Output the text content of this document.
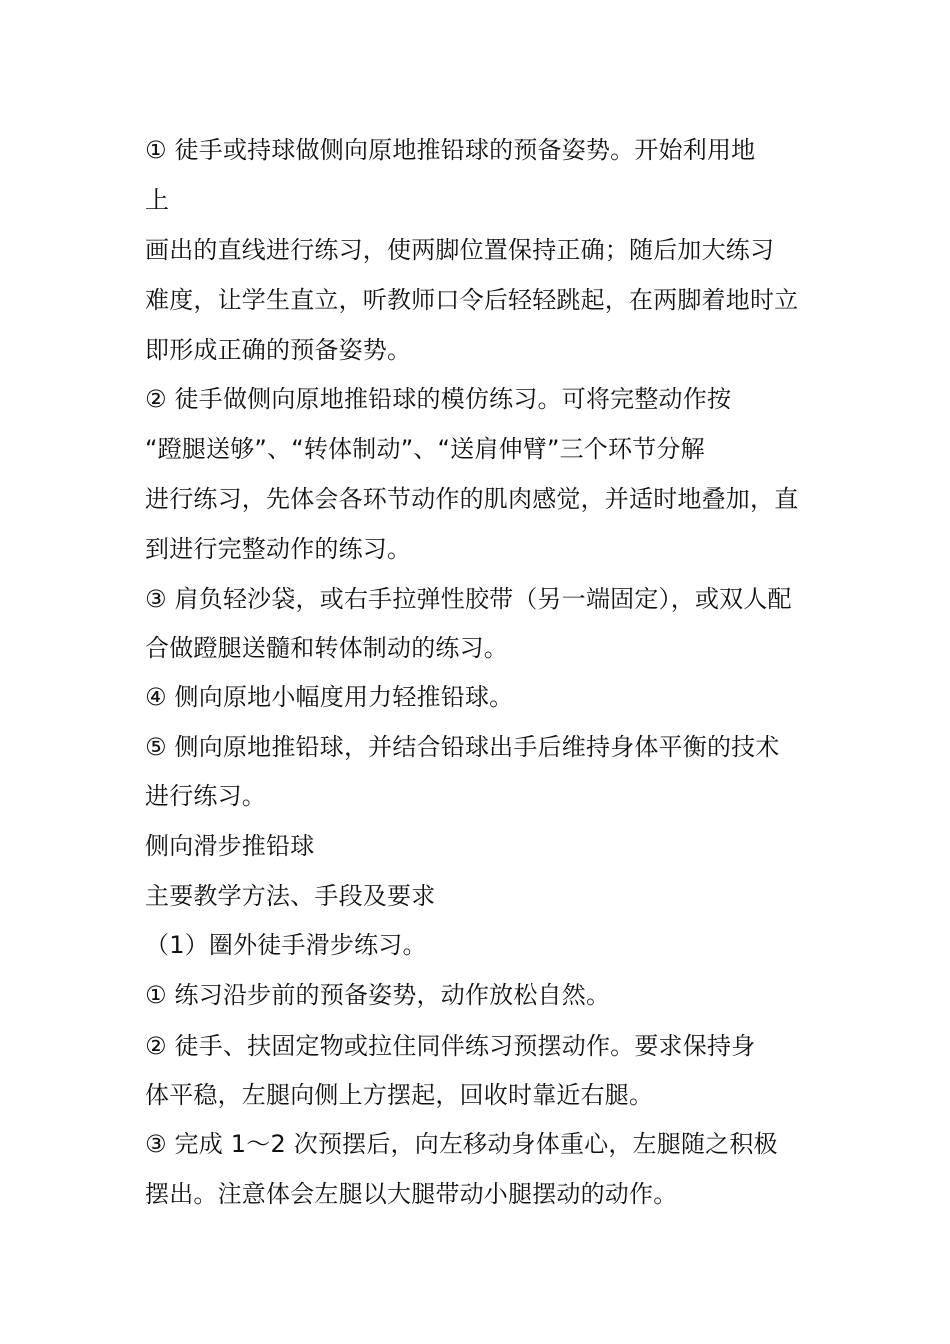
① 徒手或持球做侧向原地推铅球的预备姿势。开始利用地
上
画出的直线进行练习，使两脚位置保持正确；随后加大练习
难度，让学生直立，听教师口令后轻轻跳起，在两脚着地时立
即形成正确的预备姿势。
② 徒手做侧向原地推铅球的模仿练习。可将完整动作按
“蹬腿送够”、“转体制动”、“送肩伸臂”三个环节分解
进行练习，先体会各环节动作的肌肉感觉，并适时地叠加，直
到进行完整动作的练习。
③ 肩负轻沙袋，或右手拉弹性胶带（另一端固定），或双人配
合做蹬腿送髓和转体制动的练习。
④ 侧向原地小幅度用力轻推铅球。
⑤ 侧向原地推铅球，并结合铅球出手后维持身体平衡的技术
进行练习。
侧向滑步推铅球
主要教学方法、手段及要求
（1）圈外徒手滑步练习。
① 练习沿步前的预备姿势，动作放松自然。
② 徒手、扶固定物或拉住同伴练习预摆动作。要求保持身
体平稳，左腿向侧上方摆起，回收时靠近右腿。
③ 完成 1～2 次预摆后，向左移动身体重心，左腿随之积极
摆出。注意体会左腿以大腿带动小腿摆动的动作。
